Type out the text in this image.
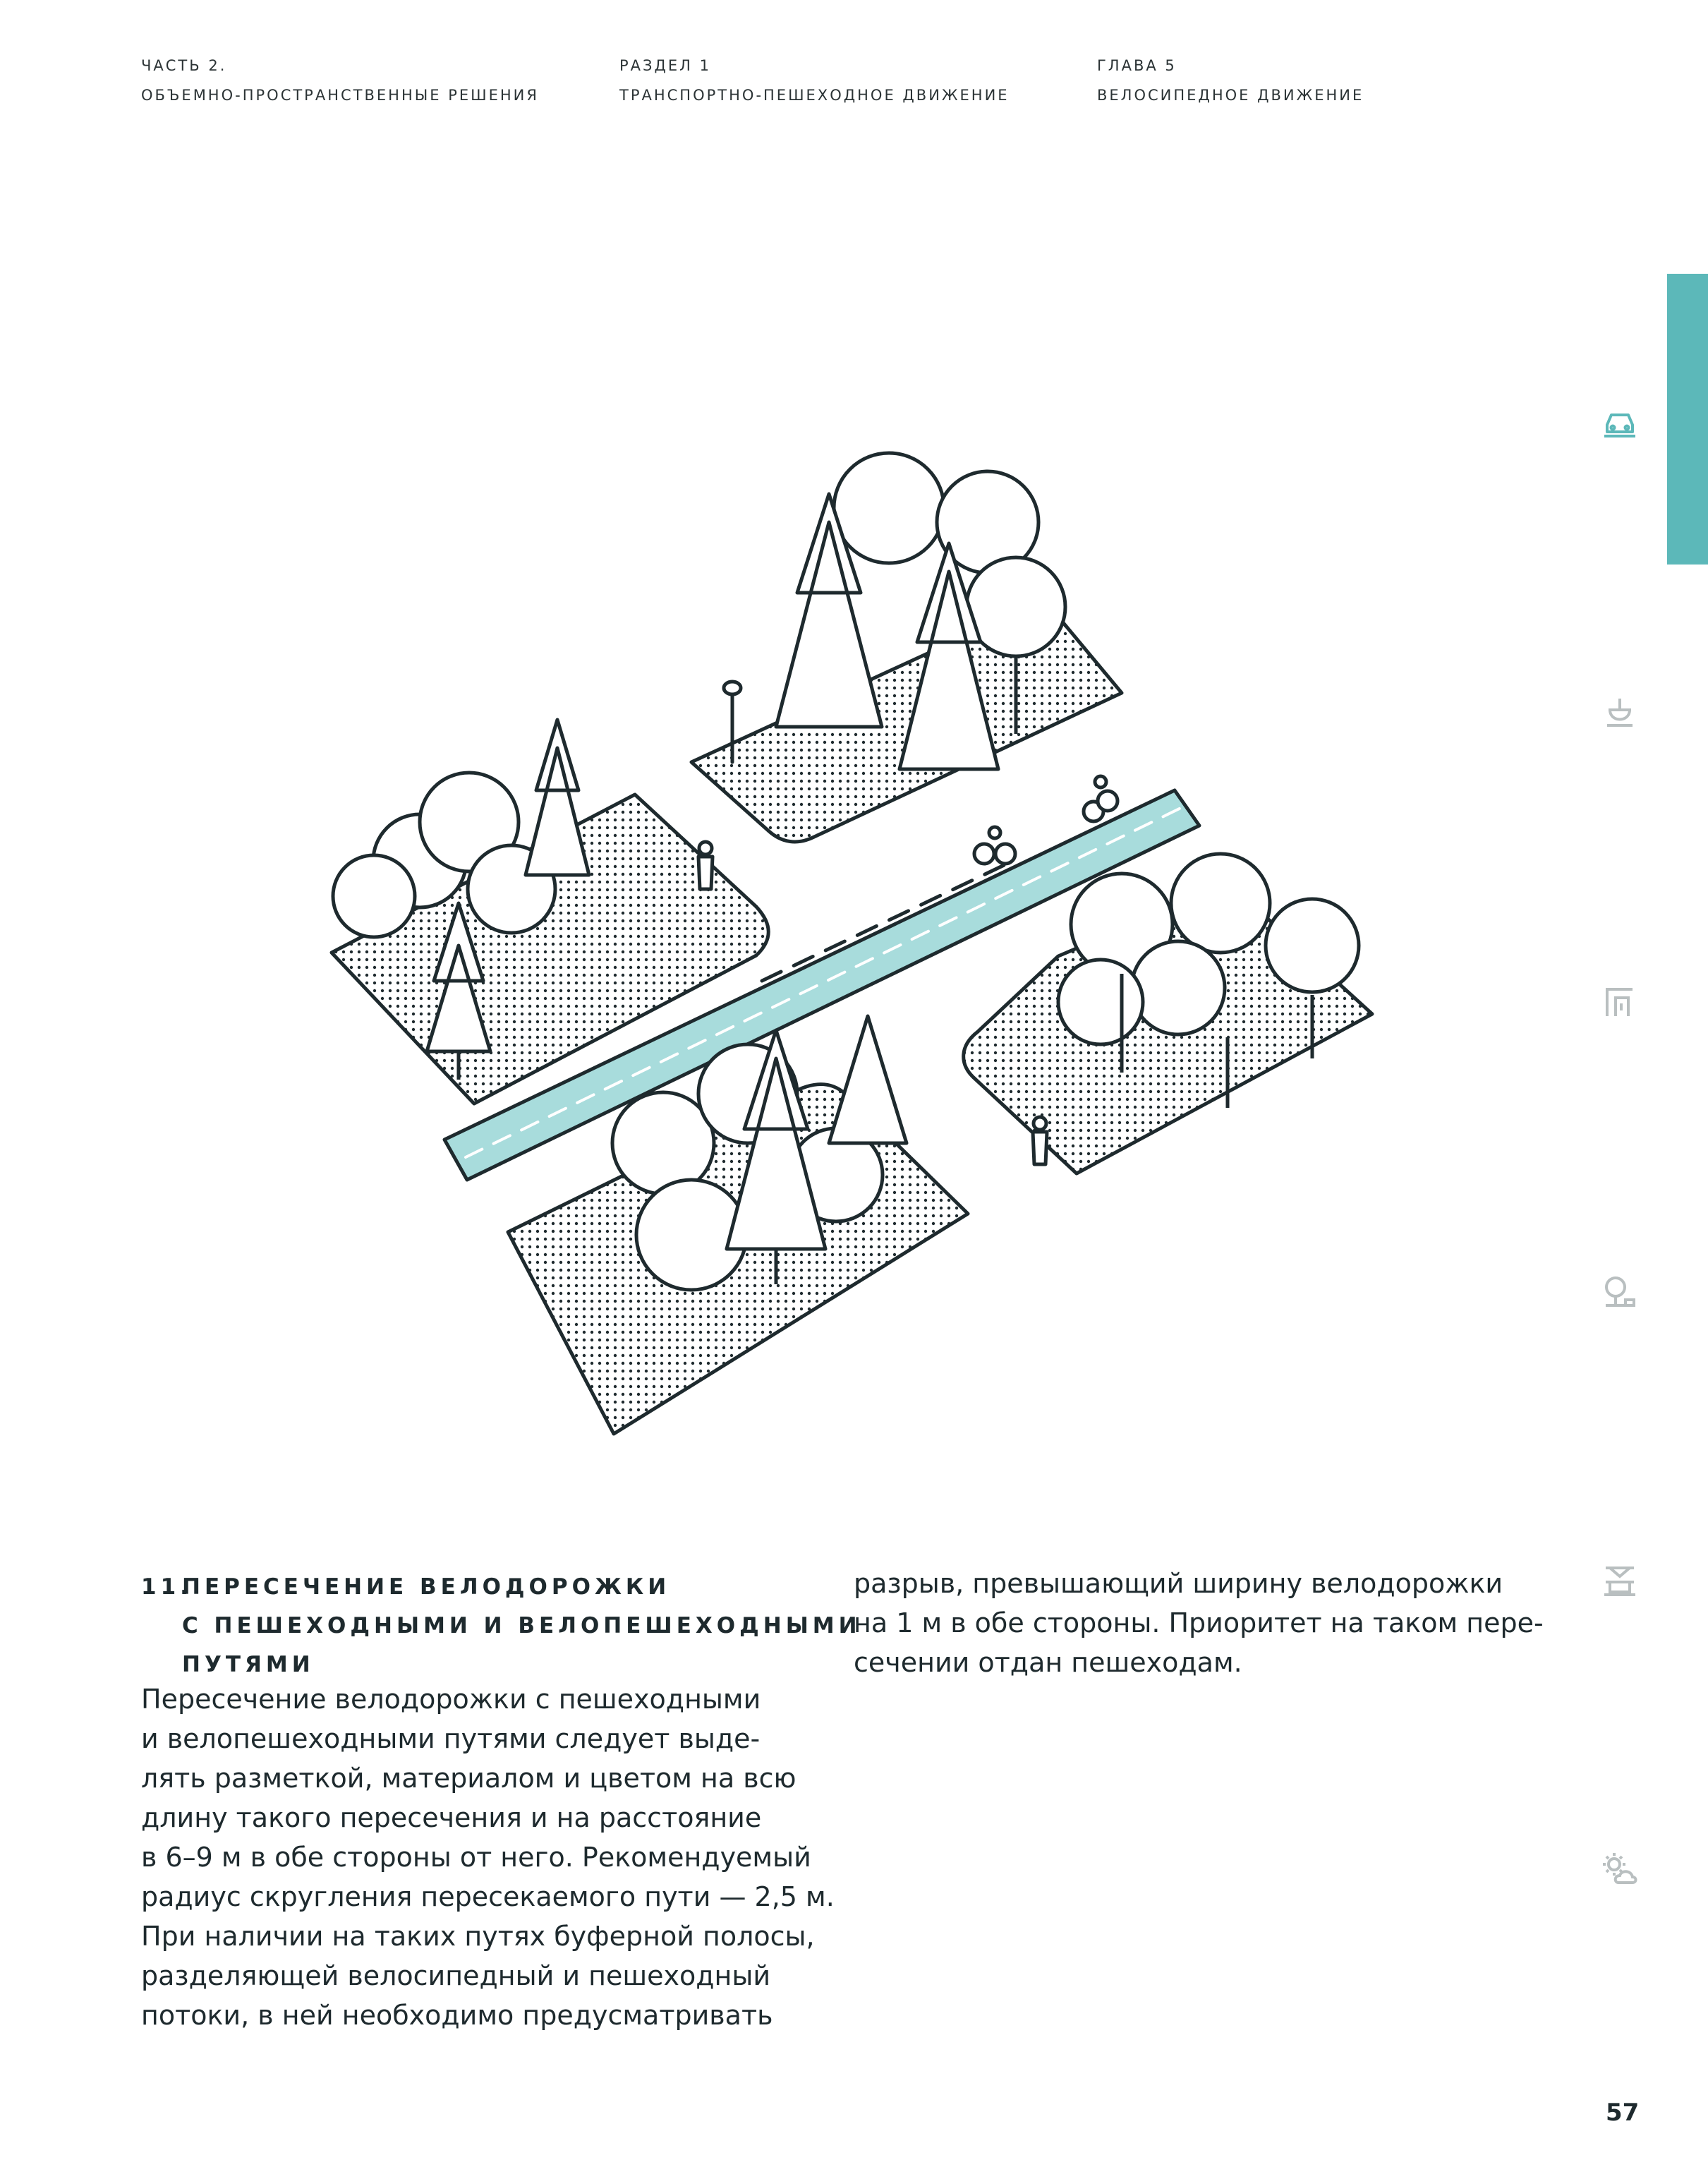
ЧАСТЬ 2.
ОБЪЕМНО-ПРОСТРАНСТВЕННЫЕ РЕШЕНИЯ
РАЗДЕЛ 1
ТРАНСПОРТНО-ПЕШЕХОДНОЕ ДВИЖЕНИЕ
ГЛАВА 5
ВЕЛОСИПЕДНОЕ ДВИЖЕНИЕ
11.ПЕРЕСЕЧЕНИЕ ВЕЛОДОРОЖКИ
С ПЕШЕХОДНЫМИ И ВЕЛОПЕШЕХОДНЫМИ
ПУТЯМИ
Пересечение велодорожки с пешеходными
и велопешеходными путями следует выде-
лять разметкой, материалом и цветом на всю
длину такого пересечения и на расстояние
в 6–9 м в обе стороны от него. Рекомендуемый
радиус скругления пересекаемого пути — 2,5 м.
При наличии на таких путях буферной полосы,
разделяющей велосипедный и пешеходный
потоки, в ней необходимо предусматривать
разрыв, превышающий ширину велодорожки
на 1 м в обе стороны. Приоритет на таком пере-
сечении отдан пешеходам.
57
